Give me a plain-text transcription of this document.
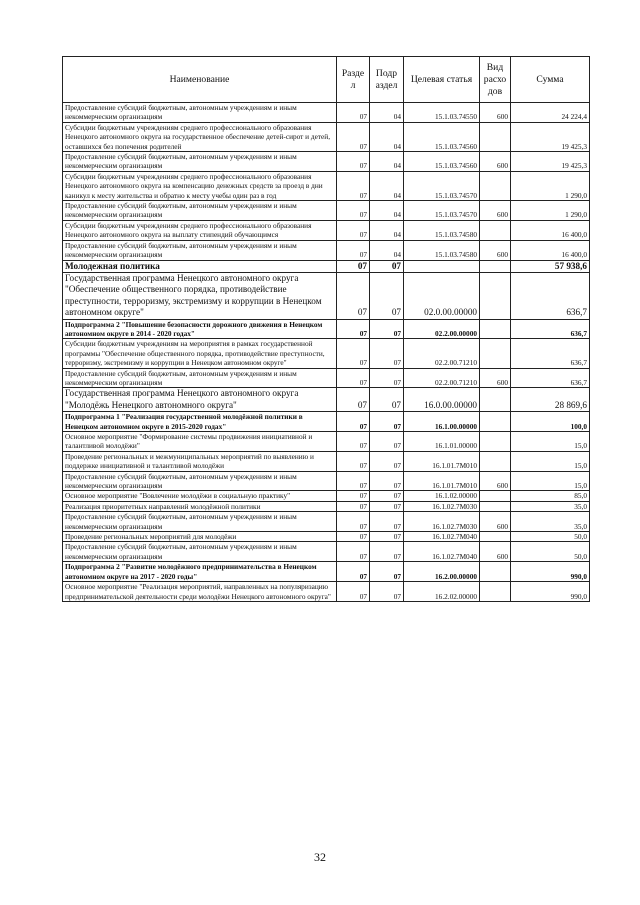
Наименование	Разде л	Подр аздел	Целевая статья	Вид расхо дов	Сумма
Предоставление субсидий бюджетным, автономным учреждениям и иным некоммерческим организациям	07	04	15.1.03.74550	600	24 224,4
Субсидии бюджетным учреждениям среднего профессионального образования Ненецкого автономного округа на государственное обеспечение детей-сирот и детей, оставшихся без попечения родителей	07	04	15.1.03.74560		19 425,3
Предоставление субсидий бюджетным, автономным учреждениям и иным некоммерческим организациям	07	04	15.1.03.74560	600	19 425,3
Субсидии бюджетным учреждениям среднего профессионального образования Ненецкого автономного округа на компенсацию денежных средств за проезд в дни каникул к месту жительства и обратно к месту учебы один раз в год	07	04	15.1.03.74570		1 290,0
Предоставление субсидий бюджетным, автономным учреждениям и иным некоммерческим организациям	07	04	15.1.03.74570	600	1 290,0
Субсидии бюджетным учреждениям среднего профессионального образования Ненецкого автономного округа на выплату стипендий обучающимся	07	04	15.1.03.74580		16 400,0
Предоставление субсидий бюджетным, автономным учреждениям и иным некоммерческим организациям	07	04	15.1.03.74580	600	16 400,0
Молодежная политика	07	07			57 938,6
Государственная программа Ненецкого автономного округа "Обеспечение общественного порядка, противодействие преступности, терроризму, экстремизму и коррупции в Ненецком автономном округе"	07	07	02.0.00.00000		636,7
Подпрограмма 2 "Повышение безопасности дорожного движения в Ненецком автономном округе в 2014 - 2020 годах"	07	07	02.2.00.00000		636,7
Субсидии бюджетным учреждениям на мероприятия в рамках государственной программы "Обеспечение общественного порядка, противодействие преступности, терроризму, экстремизму и коррупции в Ненецком автономном округе"	07	07	02.2.00.71210		636,7
Предоставление субсидий бюджетным, автономным учреждениям и иным некоммерческим организациям	07	07	02.2.00.71210	600	636,7
Государственная программа Ненецкого автономного округа "Молодёжь Ненецкого автономного округа"	07	07	16.0.00.00000		28 869,6
Подпрограмма 1 "Реализация государственной молодёжной политики в Ненецком автономном округе в 2015-2020 годах"	07	07	16.1.00.00000		100,0
Основное мероприятие "Формирование системы продвижения инициативной и талантливой молодёжи"	07	07	16.1.01.00000		15,0
Проведение региональных и межмуниципальных мероприятий по выявлению и поддержке инициативной и талантливой молодёжи	07	07	16.1.01.7М010		15,0
Предоставление субсидий бюджетным, автономным учреждениям и иным некоммерческим организациям	07	07	16.1.01.7М010	600	15,0
Основное мероприятие "Вовлечение молодёжи в социальную практику"	07	07	16.1.02.00000		85,0
Реализация приоритетных направлений молодёжной политики	07	07	16.1.02.7М030		35,0
Предоставление субсидий бюджетным, автономным учреждениям и иным некоммерческим организациям	07	07	16.1.02.7М030	600	35,0
Проведение региональных мероприятий для молодёжи	07	07	16.1.02.7М040		50,0
Предоставление субсидий бюджетным, автономным учреждениям и иным некоммерческим организациям	07	07	16.1.02.7М040	600	50,0
Подпрограмма 2 "Развитие молодёжного предпринимательства в Ненецком автономном округе на 2017 - 2020 годы"	07	07	16.2.00.00000		990,0
Основное мероприятие "Реализация мероприятий, направленных на популяризацию предпринимательской деятельности среди молодёжи Ненецкого автономного округа"	07	07	16.2.02.00000		990,0
32
